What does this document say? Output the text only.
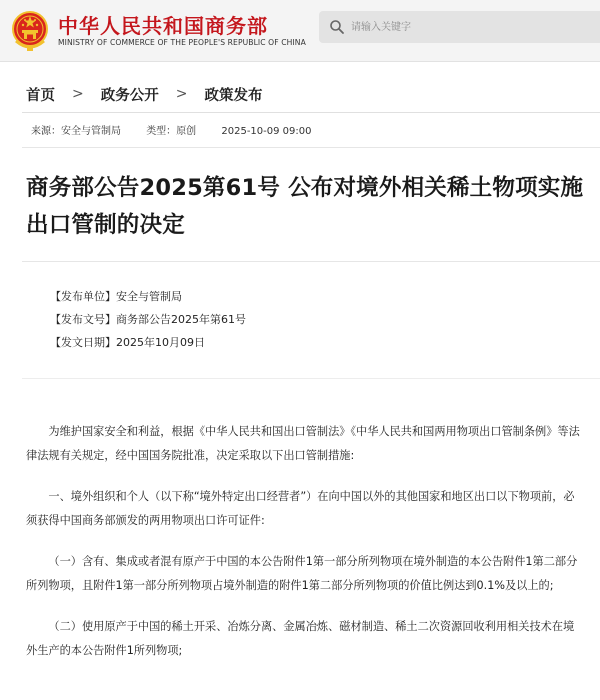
中华人民共和国商务部
MINISTRY OF COMMERCE OF THE PEOPLE'S REPUBLIC OF CHINA
请输入关键字
首页 > 政务公开 > 政策发布
来源：安全与管制局	类型：原创	2025-10-09 09:00
商务部公告2025第61号 公布对境外相关稀土物项实施出口管制的决定
【发布单位】安全与管制局
【发布文号】商务部公告2025年第61号
【发文日期】2025年10月09日

为维护国家安全和利益，根据《中华人民共和国出口管制法》《中华人民共和国两用物项出口管制条例》等法律法规有关规定，经中国国务院批准，决定采取以下出口管制措施:

一、境外组织和个人（以下称“境外特定出口经营者”）在向中国以外的其他国家和地区出口以下物项前，必须获得中国商务部颁发的两用物项出口许可证件:

（一）含有、集成或者混有原产于中国的本公告附件1第一部分所列物项在境外制造的本公告附件1第二部分所列物项，且附件1第一部分所列物项占境外制造的附件1第二部分所列物项的价值比例达到0.1%及以上的;

（二）使用原产于中国的稀土开采、冶炼分离、金属冶炼、磁材制造、稀土二次资源回收利用相关技术在境外生产的本公告附件1所列物项;
